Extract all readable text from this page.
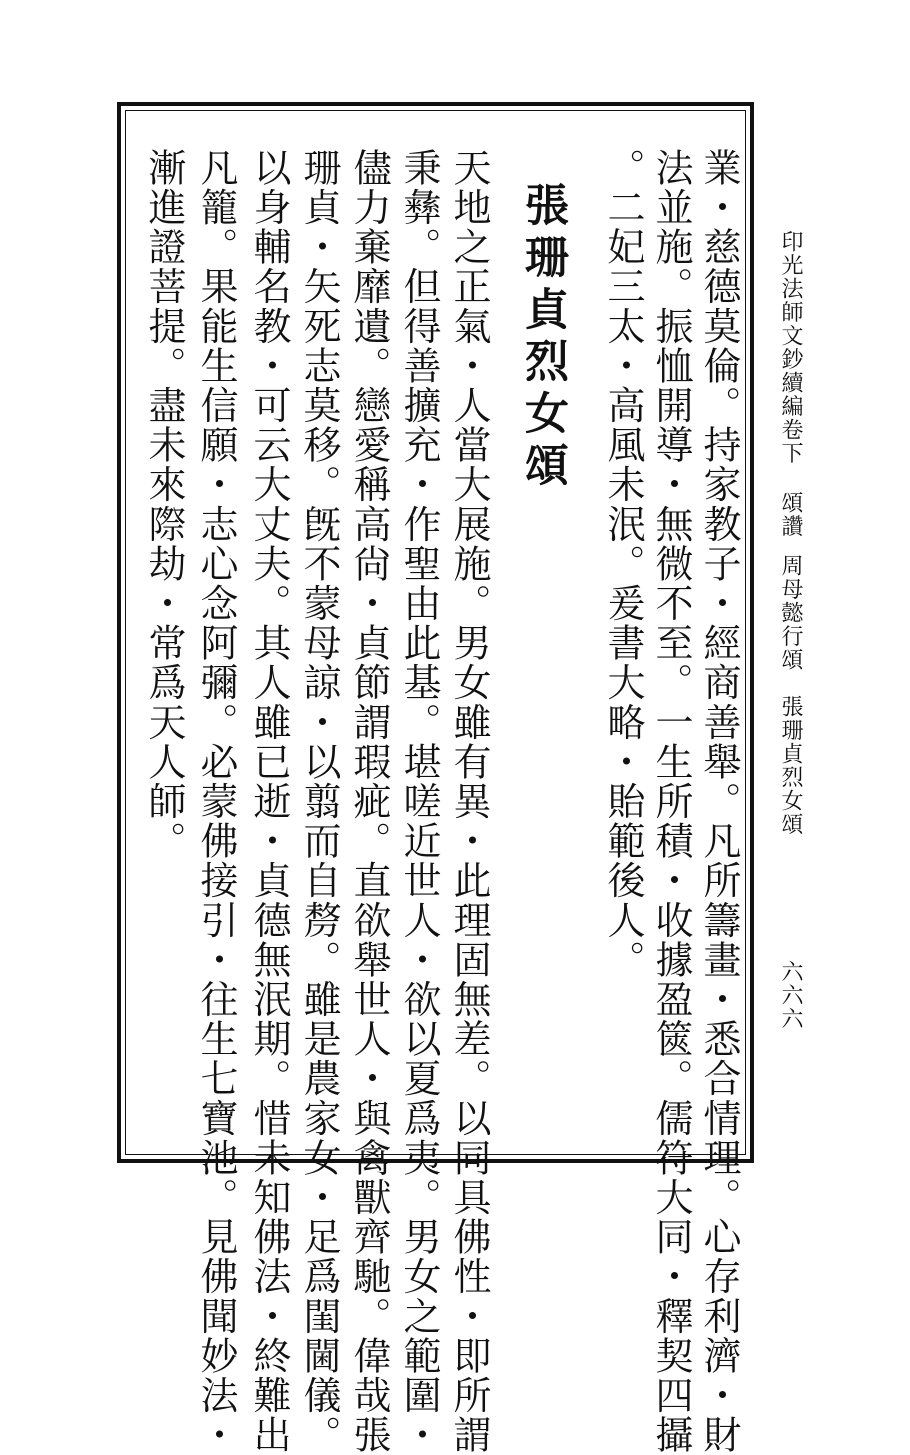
印光法師文鈔續編卷下頌讚周母懿行頌　張珊貞烈女頌
六六六
業・慈德莫倫。持家教子・經商善舉。凡所籌畫・悉合情理。心存利濟・財
法並施。振恤開導・無微不至。一生所積・收據盈篋。儒符大同・釋契四攝
。二妃三太・高風未泯。爰書大略・貽範後人。
張珊貞烈女頌
天地之正氣・人當大展施。男女雖有異・此理固無差。以同具佛性・即所謂
秉彝。但得善擴充・作聖由此基。堪嗟近世人・欲以夏爲夷。男女之範圍・
儘力棄靡遺。戀愛稱高尙・貞節謂瑕疵。直欲舉世人・與禽獸齊馳。偉哉張
珊貞・矢死志莫移。旣不蒙母諒・以翦而自剺。雖是農家女・足爲閨閫儀。
以身輔名教・可云大丈夫。其人雖已逝・貞德無泯期。惜未知佛法・終難出
凡籠。果能生信願・志心念阿彌。必蒙佛接引・往生七寶池。見佛聞妙法・
漸進證菩提。盡未來際劫・常爲天人師。
